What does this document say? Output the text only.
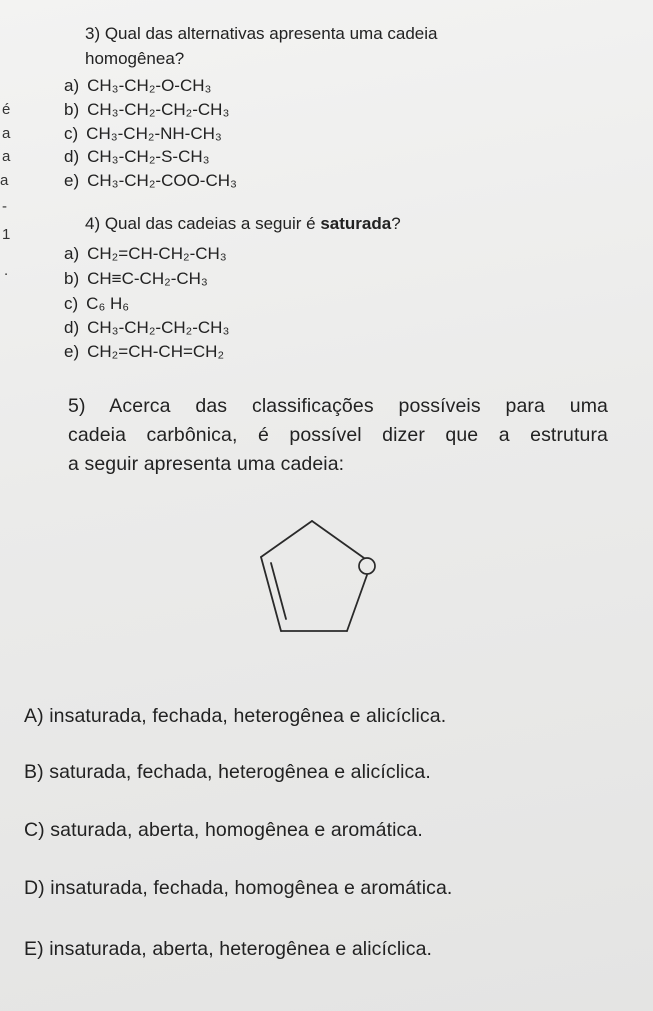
é
a
a
a
-
1
.
3) Qual das alternativas apresenta uma cadeia
homogênea?
a) CH₃-CH₂-O-CH₃
b) CH₃-CH₂-CH₂-CH₃
c) CH₃-CH₂-NH-CH₃
d) CH₃-CH₂-S-CH₃
e) CH₃-CH₂-COO-CH₃
4) Qual das cadeias a seguir é saturada?
a) CH₂=CH-CH₂-CH₃
b) CH≡C-CH₂-CH₃
c) C₆ H₆
d) CH₃-CH₂-CH₂-CH₃
e) CH₂=CH-CH=CH₂
5) Acerca das classificações possíveis para uma
cadeia carbônica, é possível dizer que a estrutura
a seguir apresenta uma cadeia:
A) insaturada, fechada, heterogênea e alicíclica.
B) saturada, fechada, heterogênea e alicíclica.
C) saturada, aberta, homogênea e aromática.
D) insaturada, fechada, homogênea e aromática.
E) insaturada, aberta, heterogênea e alicíclica.
